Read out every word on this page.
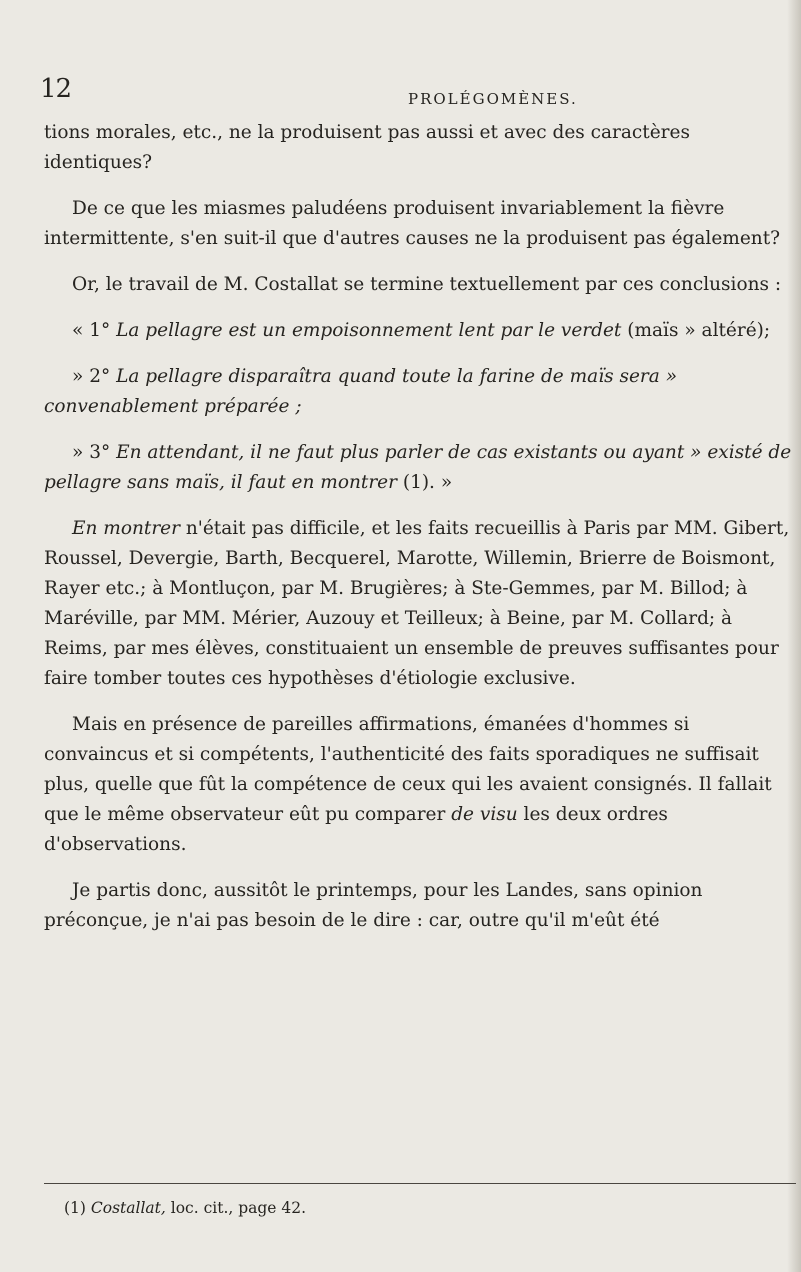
12	PROLÉGOMÈNES.

tions morales, etc., ne la produisent pas aussi et avec des caractères identiques?

De ce que les miasmes paludéens produisent invariablement la fièvre intermittente, s'en suit-il que d'autres causes ne la produisent pas également?

Or, le travail de M. Costallat se termine textuellement par ces conclusions :

« 1° La pellagre est un empoisonnement lent par le verdet (maïs » altéré);

» 2° La pellagre disparaîtra quand toute la farine de maïs sera » convenablement préparée ;

» 3° En attendant, il ne faut plus parler de cas existants ou ayant » existé de pellagre sans maïs, il faut en montrer (1). »

En montrer n'était pas difficile, et les faits recueillis à Paris par MM. Gibert, Roussel, Devergie, Barth, Becquerel, Marotte, Willemin, Brierre de Boismont, Rayer etc.; à Montluçon, par M. Brugières; à Ste-Gemmes, par M. Billod; à Maréville, par MM. Mérier, Auzouy et Teilleux; à Beine, par M. Collard; à Reims, par mes élèves, constituaient un ensemble de preuves suffisantes pour faire tomber toutes ces hypothèses d'étiologie exclusive.

Mais en présence de pareilles affirmations, émanées d'hommes si convaincus et si compétents, l'authenticité des faits sporadiques ne suffisait plus, quelle que fût la compétence de ceux qui les avaient consignés. Il fallait que le même observateur eût pu comparer de visu les deux ordres d'observations.

Je partis donc, aussitôt le printemps, pour les Landes, sans opinion préconçue, je n'ai pas besoin de le dire : car, outre qu'il m'eût été

(1) Costallat, loc. cit., page 42.
